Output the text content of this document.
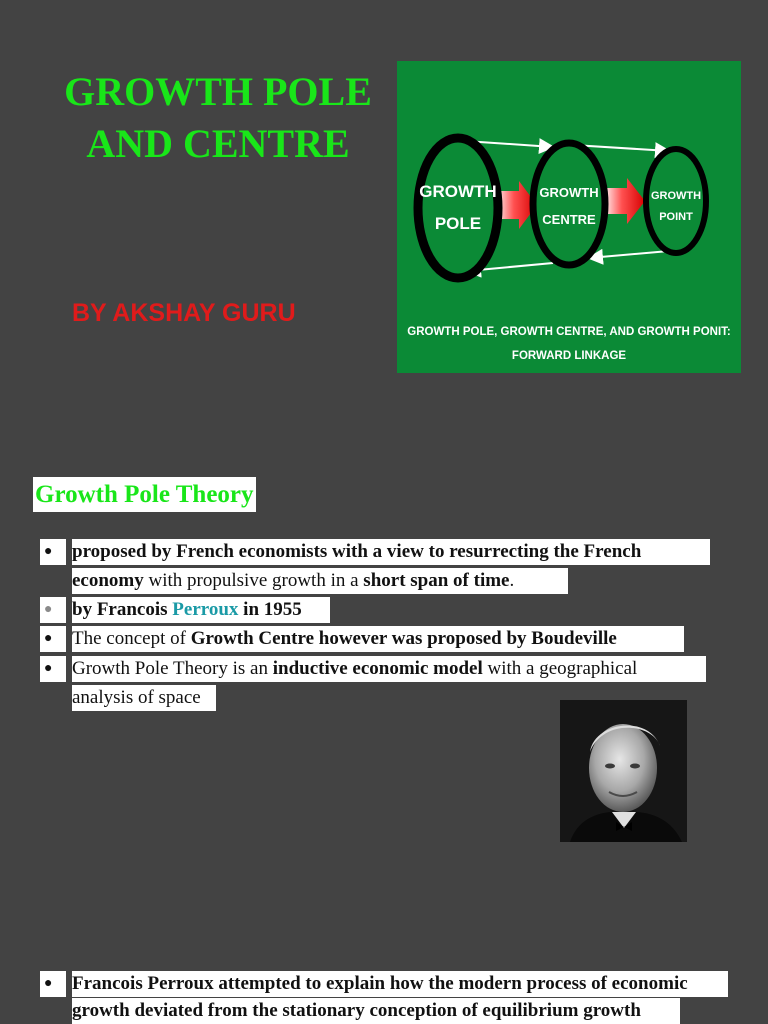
GROWTH POLE
AND CENTRE

BY AKSHAY GURU

GROWTH
POLE
GROWTH
CENTRE
GROWTH
POINT
GROWTH POLE, GROWTH CENTRE, AND GROWTH PONIT:
FORWARD LINKAGE
Growth Pole Theory
●	proposed by French economists with a view to resurrecting the French
economy with propulsive growth in a short span of time.
●	by Francois Perroux in 1955
●	The concept of Growth Centre however was proposed by Boudeville
●	Growth Pole Theory is an inductive economic model with a geographical
analysis of space
●	Francois Perroux attempted to explain how the modern process of economic
growth deviated from the stationary conception of equilibrium growth
